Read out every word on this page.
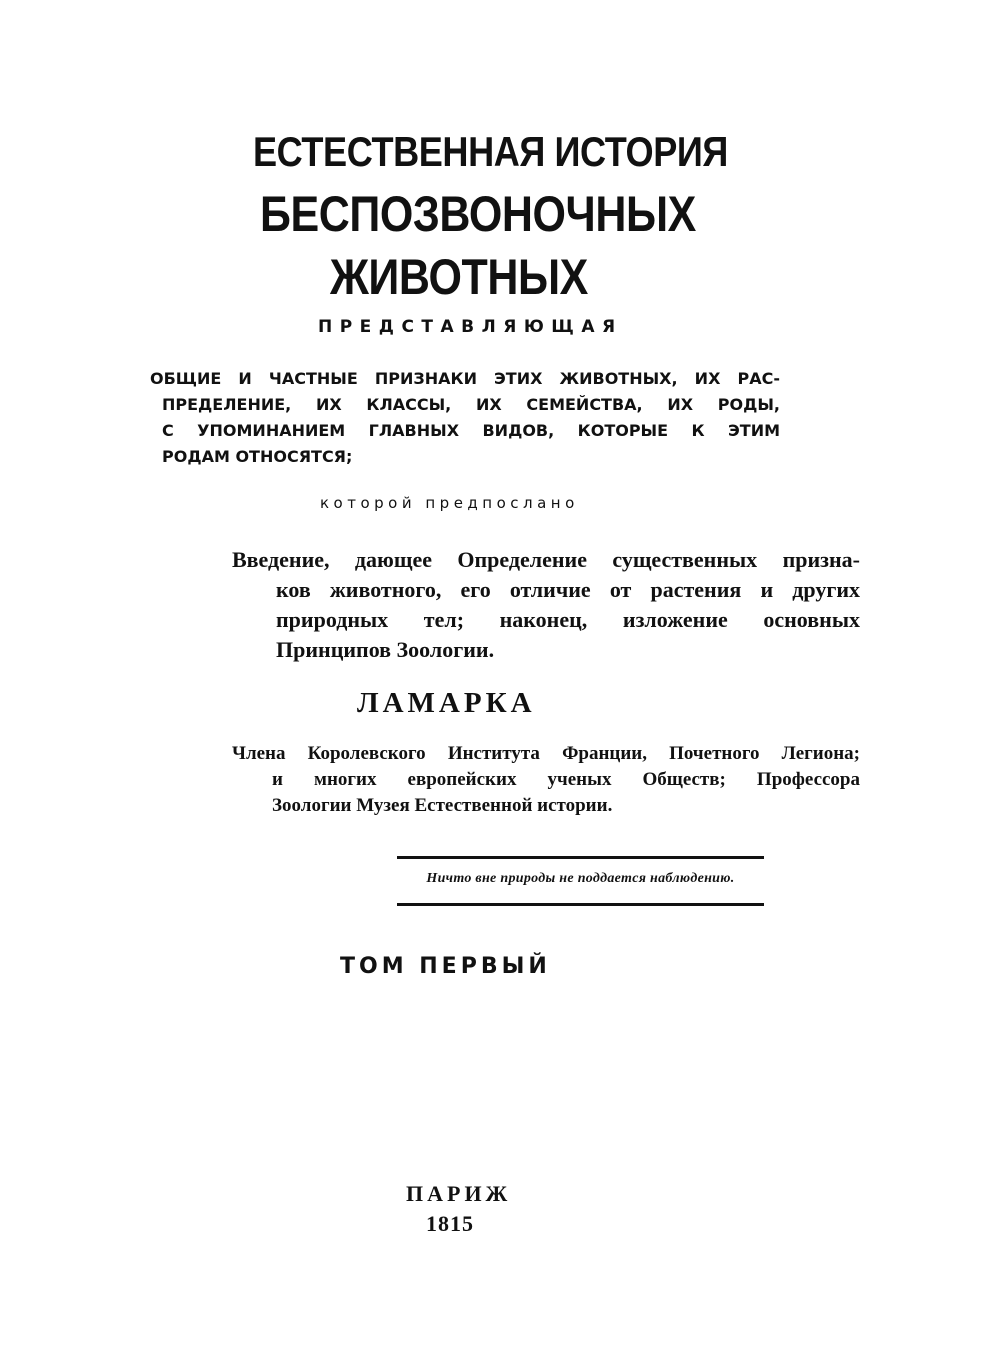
ЕСТЕСТВЕННАЯ ИСТОРИЯ
БЕСПОЗВОНОЧНЫХ
ЖИВОТНЫХ
ПРЕДСТАВЛЯЮЩАЯ
ОБЩИЕ И ЧАСТНЫЕ ПРИЗНАКИ ЭТИХ ЖИВОТНЫХ, ИХ РАС-
ПРЕДЕЛЕНИЕ, ИХ КЛАССЫ, ИХ СЕМЕЙСТВА, ИХ РОДЫ,
С УПОМИНАНИЕМ ГЛАВНЫХ ВИДОВ, КОТОРЫЕ К ЭТИМ
РОДАМ ОТНОСЯТСЯ;
которой предпослано
Введение, дающее Определение существенных призна-
ков животного, его отличие от растения и других
природных тел; наконец, изложение основных
Принципов Зоологии.
ЛАМАРКА
Члена Королевского Института Франции, Почетного Легиона;
и многих европейских ученых Обществ; Профессора
Зоологии Музея Естественной истории.
Ничто вне природы не поддается наблюдению.
ТОМ ПЕРВЫЙ
ПАРИЖ
1815
